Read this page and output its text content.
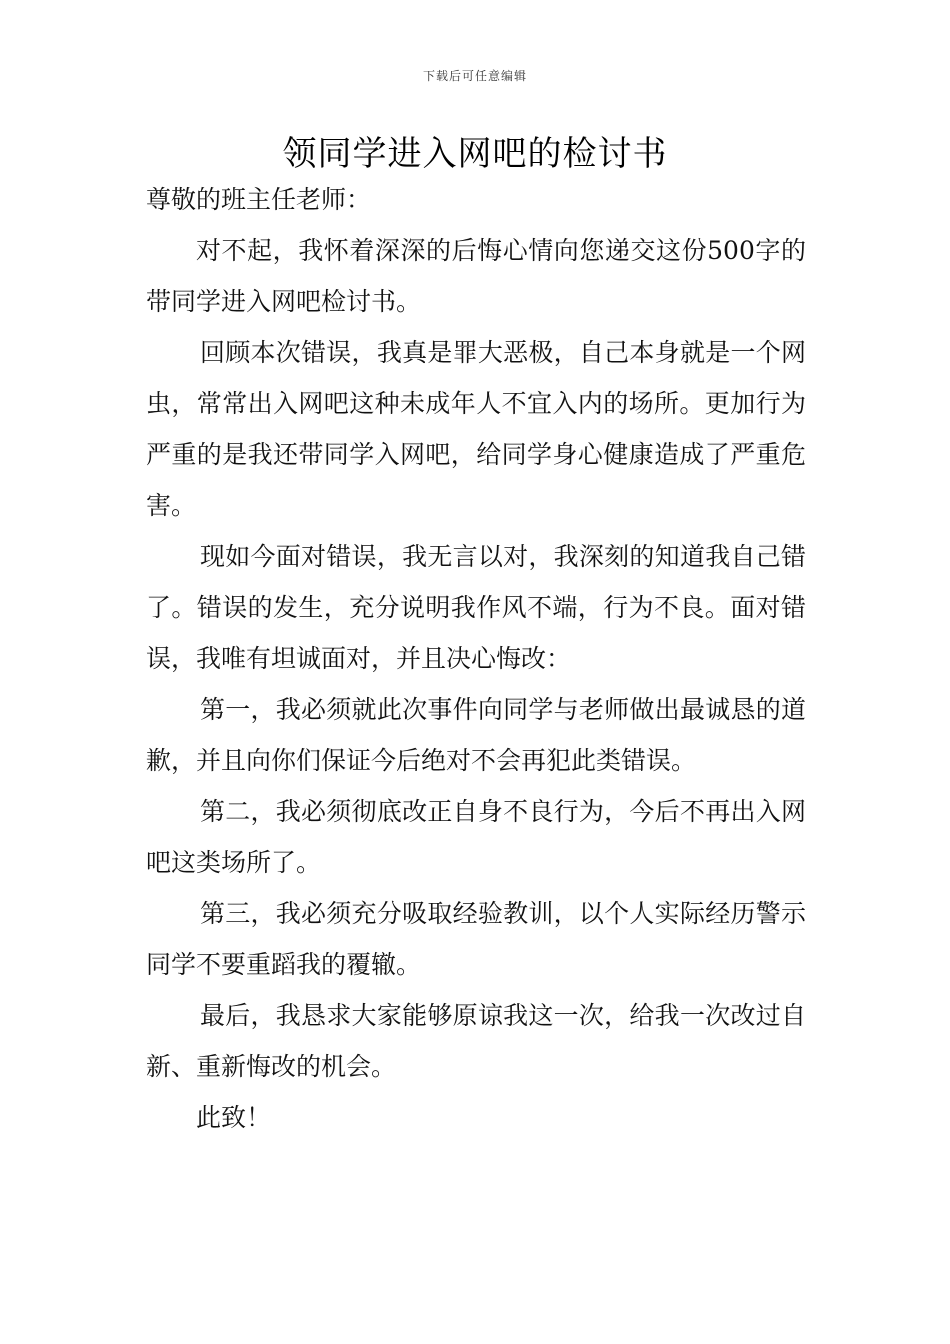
下载后可任意编辑
领同学进入网吧的检讨书

尊敬的班主任老师：

对不起，我怀着深深的后悔心情向您递交这份500字的带同学进入网吧检讨书。

回顾本次错误，我真是罪大恶极，自己本身就是一个网虫，常常出入网吧这种未成年人不宜入内的场所。更加行为严重的是我还带同学入网吧，给同学身心健康造成了严重危害。

现如今面对错误，我无言以对，我深刻的知道我自己错了。错误的发生，充分说明我作风不端，行为不良。面对错误，我唯有坦诚面对，并且决心悔改：

第一，我必须就此次事件向同学与老师做出最诚恳的道歉，并且向你们保证今后绝对不会再犯此类错误。

第二，我必须彻底改正自身不良行为，今后不再出入网吧这类场所了。

第三，我必须充分吸取经验教训，以个人实际经历警示同学不要重蹈我的覆辙。

最后，我恳求大家能够原谅我这一次，给我一次改过自新、重新悔改的机会。

此致！
